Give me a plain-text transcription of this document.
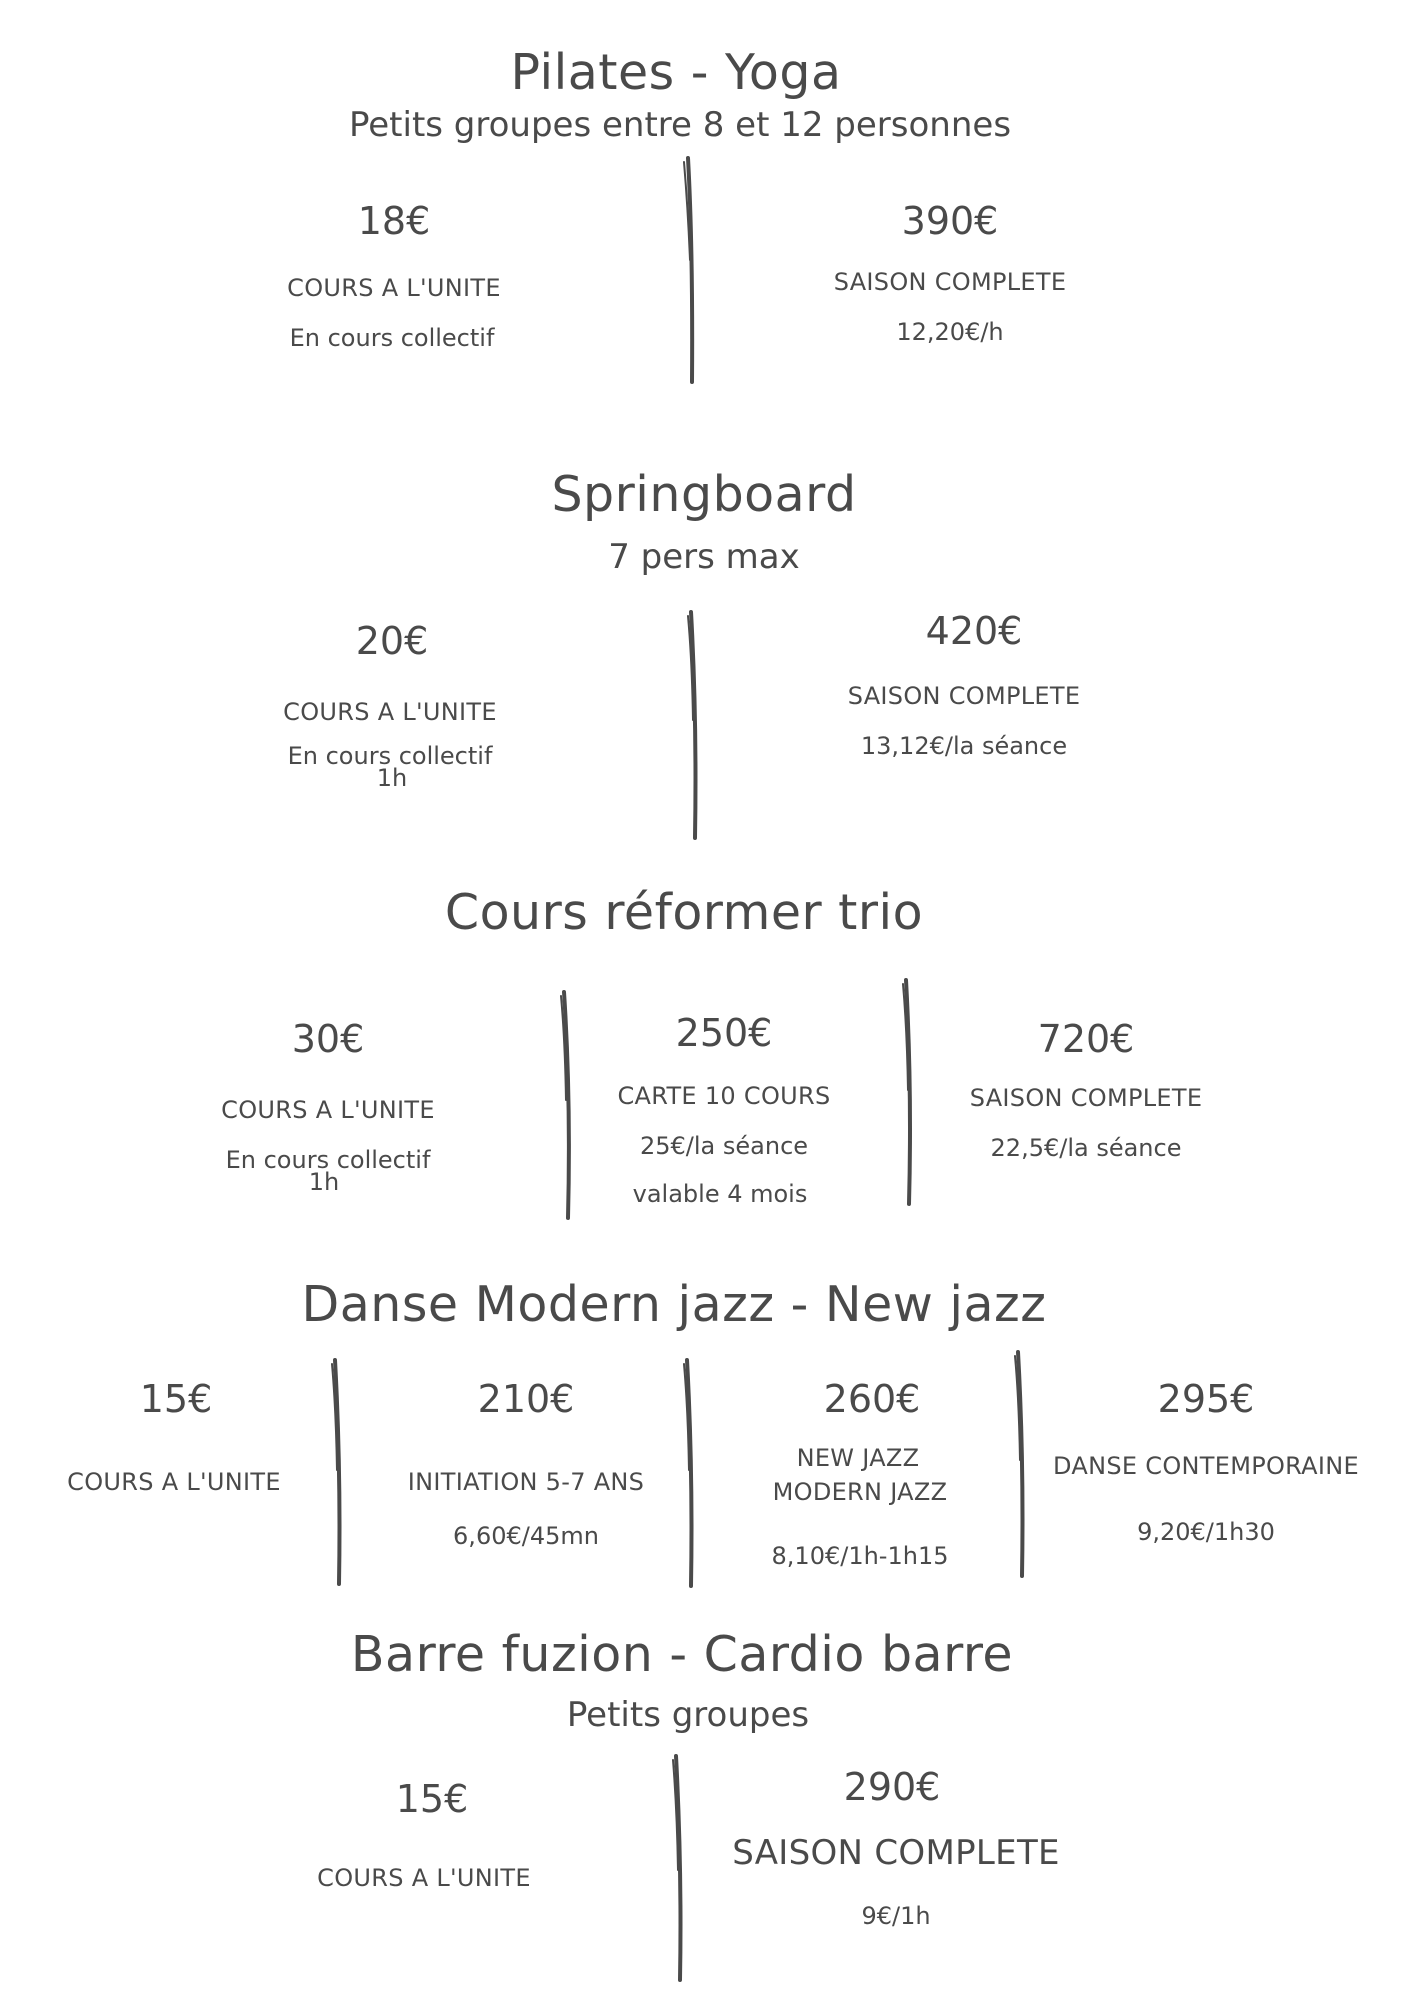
Pilates - Yoga
Petits groupes entre 8 et 12 personnes
18€
COURS A L'UNITE
En cours collectif
390€
SAISON COMPLETE
12,20€/h
Springboard
7 pers max
20€
COURS A L'UNITE
En cours collectif
1h
420€
SAISON COMPLETE
13,12€/la séance
Cours réformer trio
30€
COURS A L'UNITE
En cours collectif
1h
250€
CARTE 10 COURS
25€/la séance
valable 4 mois
720€
SAISON COMPLETE
22,5€/la séance
Danse Modern jazz - New jazz
15€
COURS A L'UNITE
210€
INITIATION 5-7 ANS
6,60€/45mn
260€
NEW JAZZ
MODERN JAZZ
8,10€/1h-1h15
295€
DANSE CONTEMPORAINE
9,20€/1h30
Barre fuzion - Cardio barre
Petits groupes
15€
COURS A L'UNITE
290€
SAISON COMPLETE
9€/1h
